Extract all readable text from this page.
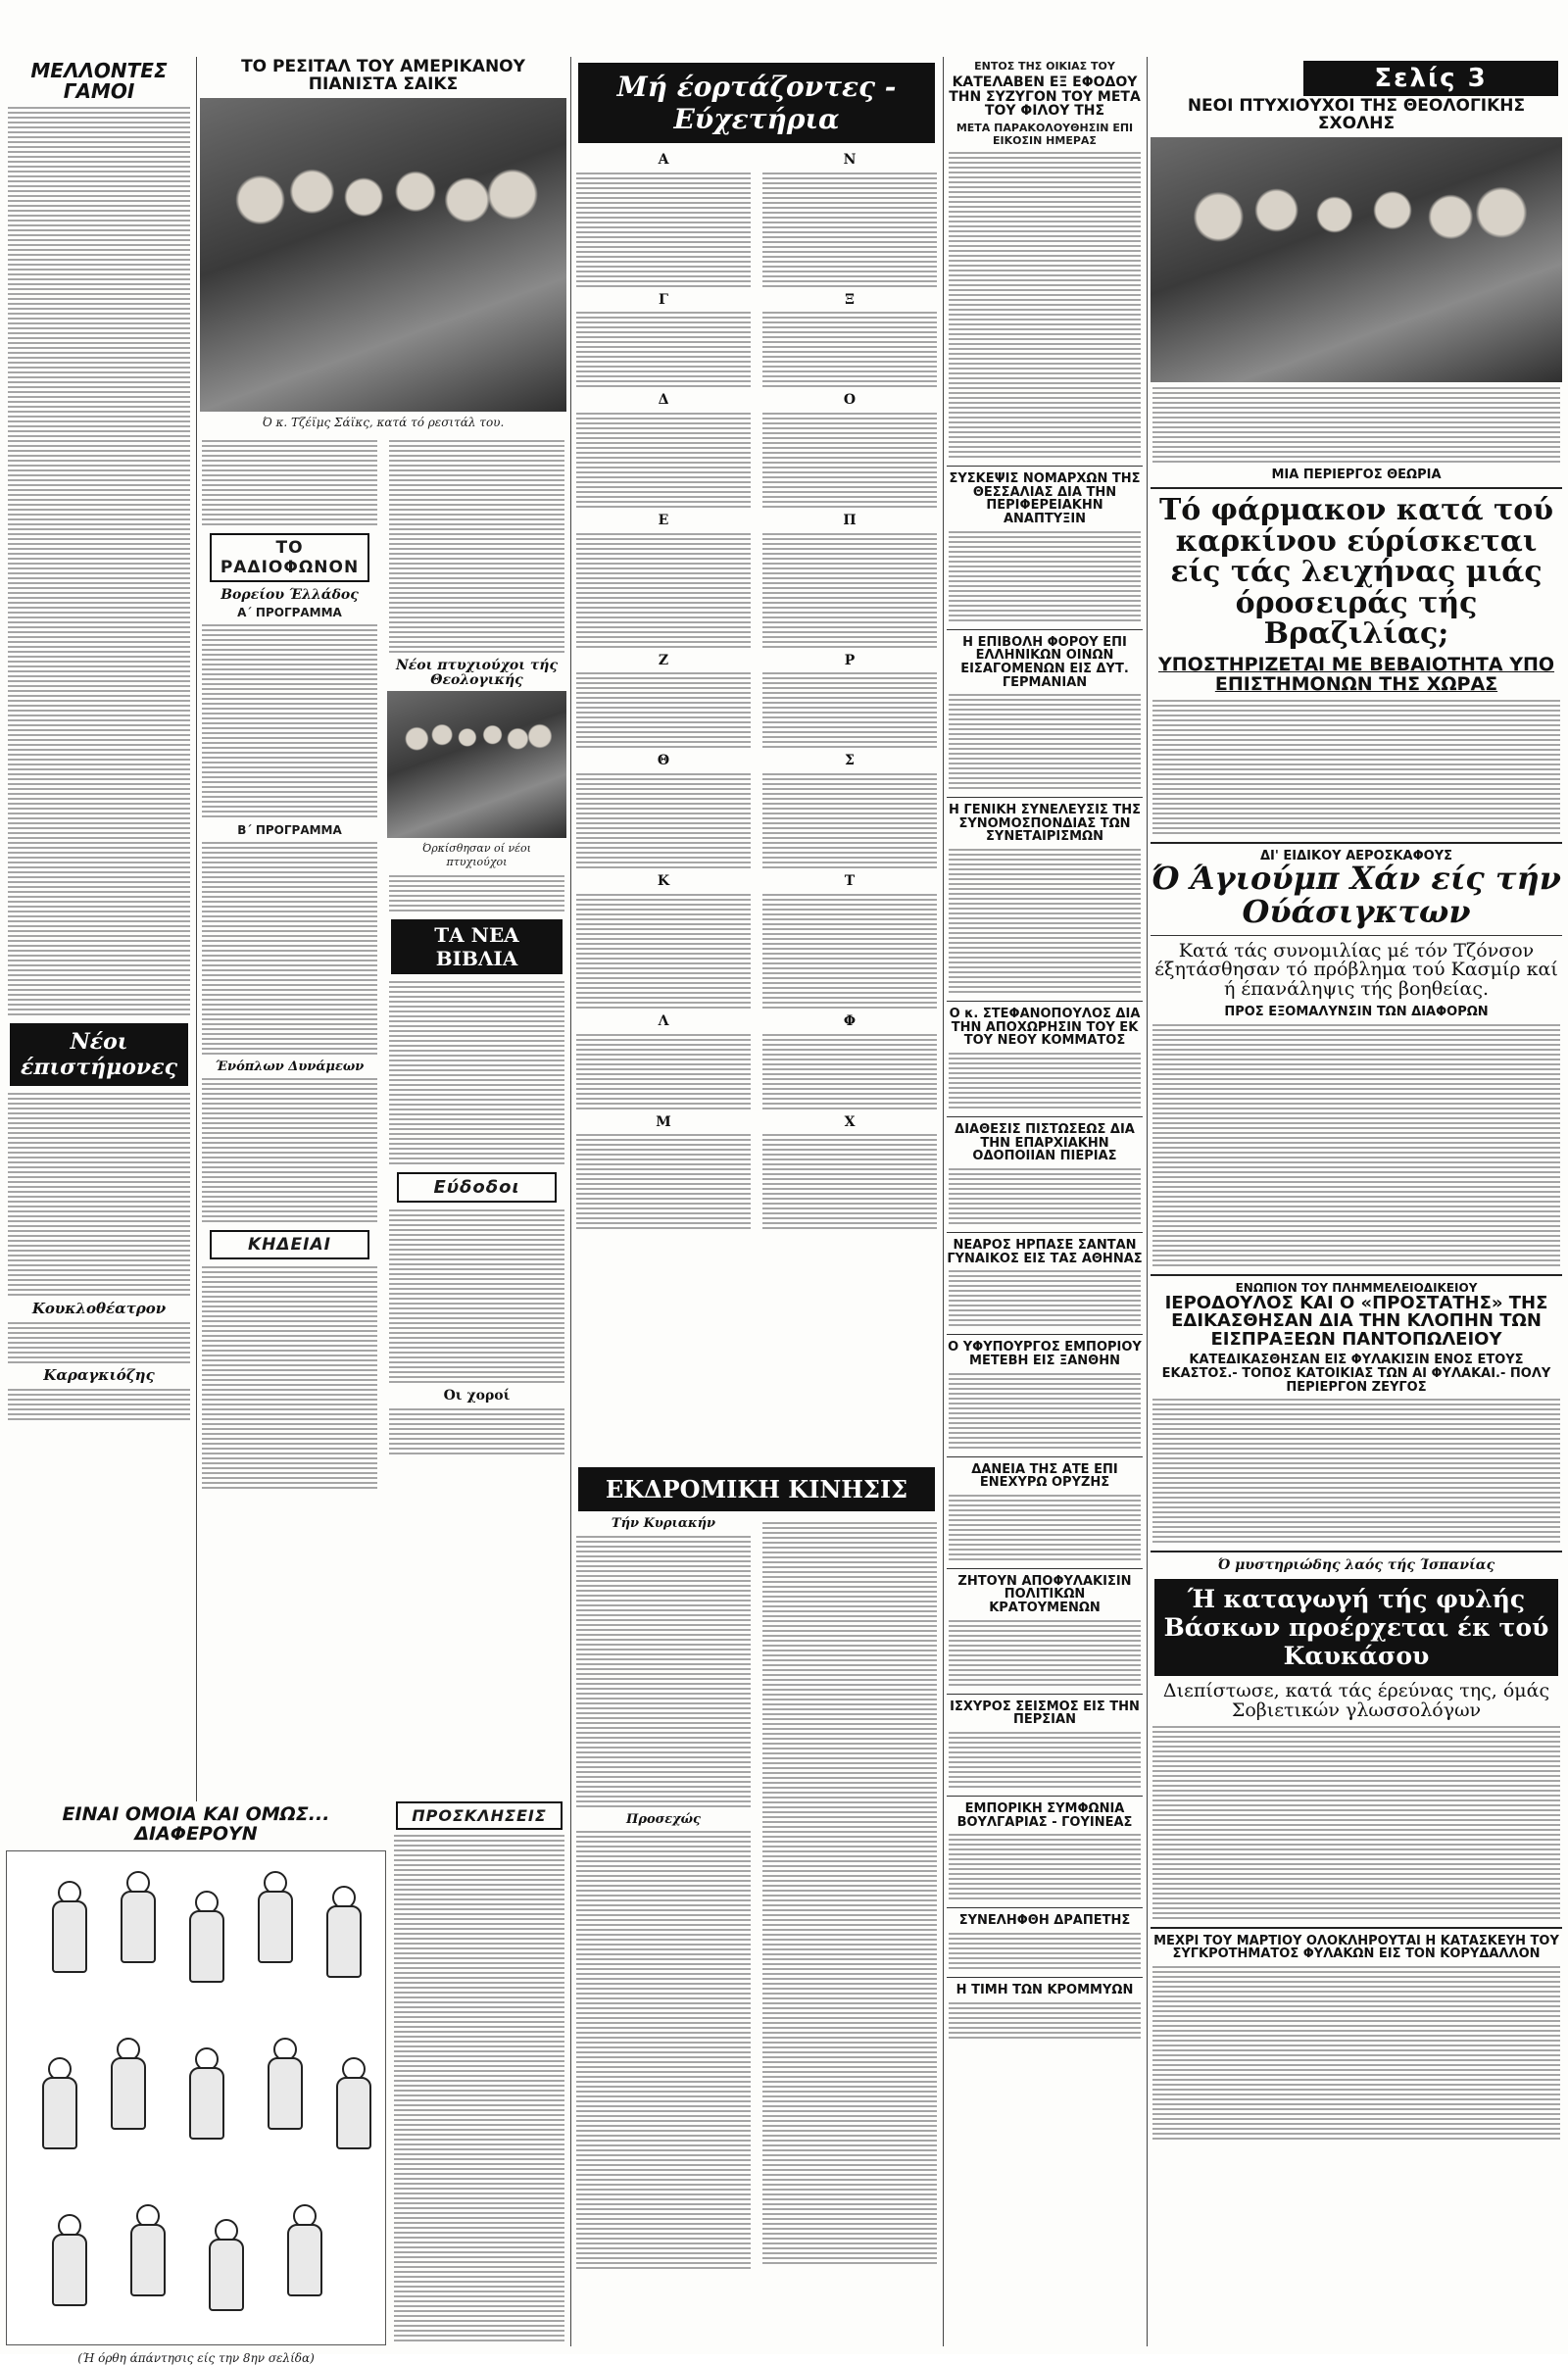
ΜΕΛΛΟΝΤΕΣ ΓΑΜΟΙ
Νέοι έπιστήμονες
Κουκλοθέατρον
Καραγκιόζης
ΕΙΝΑΙ ΟΜΟΙΑ ΚΑΙ ΟΜΩΣ... ΔΙΑΦΕΡΟΥΝ
(Ή όρθη άπάντησις είς την 8ην σελίδα)
ΤΟ ΡΕΣΙΤΑΛ ΤΟΥ ΑΜΕΡΙΚΑΝΟΥ ΠΙΑΝΙΣΤΑ ΣΑΙΚΣ
Ό κ. Τζέϊμς Σάϊκς, κατά τό ρεσιτάλ του.
ΤΟ ΡΑΔΙΟΦΩΝΟΝ
Βορείου Έλλάδος
Α΄ ΠΡΟΓΡΑΜΜΑ
Β΄ ΠΡΟΓΡΑΜΜΑ
Ένόπλων Δυνάμεων
ΚΗΔΕΙΑΙ
Νέοι πτυχιούχοι τής Θεολογικής
Όρκίσθησαν οί νέοι πτυχιούχοι
ΤΑ ΝΕΑ ΒΙΒΛΙΑ
Εύδοδοι
Οι χοροί
ΠΡΟΣΚΛΗΣΕΙΣ
Μή έορτάζοντες - Εύχετήρια
Α
Γ
Δ
Ε
Ζ
Θ
Κ
Λ
Μ
Ν
Ξ
Ο
Π
Ρ
Σ
Τ
Φ
Χ
ΕΚΔΡΟΜΙΚΗ ΚΙΝΗΣΙΣ
Τήν Κυριακήν
Προσεχώς
ΕΝΤΟΣ ΤΗΣ ΟΙΚΙΑΣ ΤΟΥ
ΚΑΤΕΛΑΒΕΝ ΕΞ ΕΦΟΔΟΥ ΤΗΝ ΣΥΖΥΓΟΝ ΤΟΥ ΜΕΤΑ ΤΟΥ ΦΙΛΟΥ ΤΗΣ
ΜΕΤΑ ΠΑΡΑΚΟΛΟΥΘΗΣΙΝ ΕΠΙ ΕΙΚΟΣΙΝ ΗΜΕΡΑΣ
ΣΥΣΚΕΨΙΣ ΝΟΜΑΡΧΩΝ ΤΗΣ ΘΕΣΣΑΛΙΑΣ ΔΙΑ ΤΗΝ ΠΕΡΙΦΕΡΕΙΑΚΗΝ ΑΝΑΠΤΥΞΙΝ
Η ΕΠΙΒΟΛΗ ΦΟΡΟΥ ΕΠΙ ΕΛΛΗΝΙΚΩΝ ΟΙΝΩΝ ΕΙΣΑΓΟΜΕΝΩΝ ΕΙΣ ΔΥΤ. ΓΕΡΜΑΝΙΑΝ
Η ΓΕΝΙΚΗ ΣΥΝΕΛΕΥΣΙΣ ΤΗΣ ΣΥΝΟΜΟΣΠΟΝΔΙΑΣ ΤΩΝ ΣΥΝΕΤΑΙΡΙΣΜΩΝ
Ο κ. ΣΤΕΦΑΝΟΠΟΥΛΟΣ ΔΙΑ ΤΗΝ ΑΠΟΧΩΡΗΣΙΝ ΤΟΥ ΕΚ ΤΟΥ ΝΕΟΥ ΚΟΜΜΑΤΟΣ
ΔΙΑΘΕΣΙΣ ΠΙΣΤΩΣΕΩΣ ΔΙΑ ΤΗΝ ΕΠΑΡΧΙΑΚΗΝ ΟΔΟΠΟΙΙΑΝ ΠΙΕΡΙΑΣ
ΝΕΑΡΟΣ ΗΡΠΑΣΕ ΣΑΝΤΑΝ ΓΥΝΑΙΚΟΣ ΕΙΣ ΤΑΣ ΑΘΗΝΑΣ
Ο ΥΦΥΠΟΥΡΓΟΣ ΕΜΠΟΡΙΟΥ ΜΕΤΕΒΗ ΕΙΣ ΞΑΝΘΗΝ
ΔΑΝΕΙΑ ΤΗΣ ΑΤΕ ΕΠΙ ΕΝΕΧΥΡΩ ΟΡΥΖΗΣ
ΖΗΤΟΥΝ ΑΠΟΦΥΛΑΚΙΣΙΝ ΠΟΛΙΤΙΚΩΝ ΚΡΑΤΟΥΜΕΝΩΝ
ΙΣΧΥΡΟΣ ΣΕΙΣΜΟΣ ΕΙΣ ΤΗΝ ΠΕΡΣΙΑΝ
ΕΜΠΟΡΙΚΗ ΣΥΜΦΩΝΙΑ ΒΟΥΛΓΑΡΙΑΣ - ΓΟΥΙΝΕΑΣ
ΣΥΝΕΛΗΦΘΗ ΔΡΑΠΕΤΗΣ
Η ΤΙΜΗ ΤΩΝ ΚΡΟΜΜΥΩΝ
Σελίς 3
ΝΕΟΙ ΠΤΥΧΙΟΥΧΟΙ ΤΗΣ ΘΕΟΛΟΓΙΚΗΣ ΣΧΟΛΗΣ
ΜΙΑ ΠΕΡΙΕΡΓΟΣ ΘΕΩΡΙΑ
Τό φάρμακον κατά τού καρκίνου εύρίσκεται είς τάς λειχήνας μιάς όροσειράς τής Βραζιλίας;
ΥΠΟΣΤΗΡΙΖΕΤΑΙ ΜΕ ΒΕΒΑΙΟΤΗΤΑ ΥΠΟ ΕΠΙΣΤΗΜΟΝΩΝ ΤΗΣ ΧΩΡΑΣ
ΔΙ' ΕΙΔΙΚΟΥ ΑΕΡΟΣΚΑΦΟΥΣ
Ό Άγιούμπ Χάν είς τήν Ούάσιγκτων
Κατά τάς συνομιλίας μέ τόν Τζόνσον έξητάσθησαν τό πρόβλημα τού Κασμίρ καί ή έπανάληψις τής βοηθείας.
ΠΡΟΣ ΕΞΟΜΑΛΥΝΣΙΝ ΤΩΝ ΔΙΑΦΟΡΩΝ
ΕΝΩΠΙΟΝ ΤΟΥ ΠΛΗΜΜΕΛΕΙΟΔΙΚΕΙΟΥ
ΙΕΡΟΔΟΥΛΟΣ ΚΑΙ Ο «ΠΡΟΣΤΑΤΗΣ» ΤΗΣ ΕΔΙΚΑΣΘΗΣΑΝ ΔΙΑ ΤΗΝ ΚΛΟΠΗΝ ΤΩΝ ΕΙΣΠΡΑΞΕΩΝ ΠΑΝΤΟΠΩΛΕΙΟΥ
ΚΑΤΕΔΙΚΑΣΘΗΣΑΝ ΕΙΣ ΦΥΛΑΚΙΣΙΝ ΕΝΟΣ ΕΤΟΥΣ ΕΚΑΣΤΟΣ.- ΤΟΠΟΣ ΚΑΤΟΙΚΙΑΣ ΤΩΝ ΑΙ ΦΥΛΑΚΑΙ.- ΠΟΛΥ ΠΕΡΙΕΡΓΟΝ ΖΕΥΓΟΣ
Ό μυστηριώδης λαός τής Ίσπανίας
Ή καταγωγή τής φυλής Βάσκων προέρχεται έκ τού Καυκάσου
Διεπίστωσε, κατά τάς έρεύνας της, όμάς Σοβιετικών γλωσσολόγων
ΜΕΧΡΙ ΤΟΥ ΜΑΡΤΙΟΥ ΟΛΟΚΛΗΡΟΥΤΑΙ Η ΚΑΤΑΣΚΕΥΗ ΤΟΥ ΣΥΓΚΡΟΤΗΜΑΤΟΣ ΦΥΛΑΚΩΝ ΕΙΣ ΤΟΝ ΚΟΡΥΔΑΛΛΟΝ
